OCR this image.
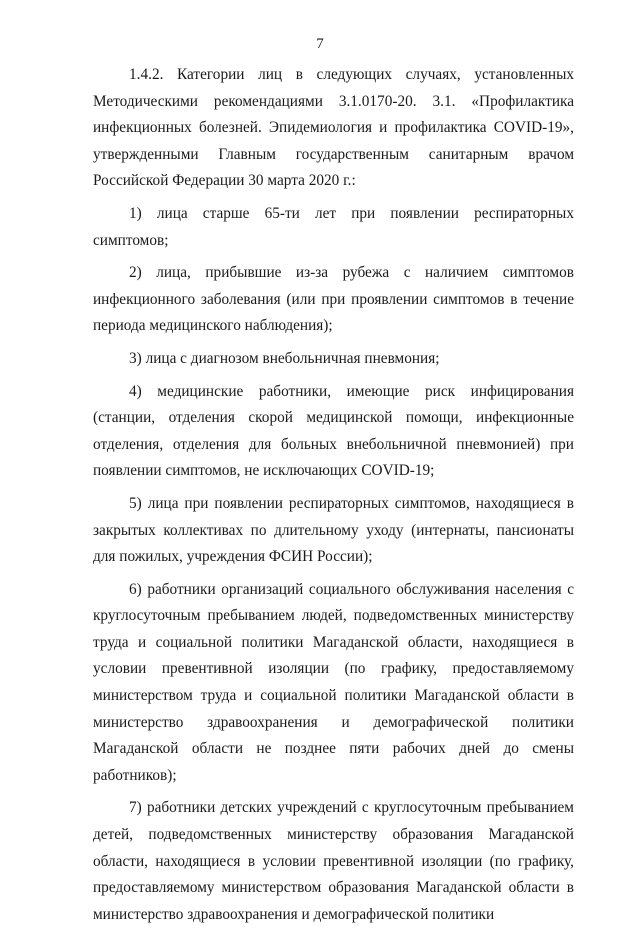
7

1.4.2. Категории лиц в следующих случаях, установленных Методическими рекомендациями 3.1.0170-20. 3.1. «Профилактика инфекционных болезней. Эпидемиология и профилактика COVID-19», утвержденными Главным государственным санитарным врачом Российской Федерации 30 марта 2020 г.:

1) лица старше 65-ти лет при появлении респираторных симптомов;

2) лица, прибывшие из-за рубежа с наличием симптомов инфекционного заболевания (или при проявлении симптомов в течение периода медицинского наблюдения);

3) лица с диагнозом внебольничная пневмония;

4) медицинские работники, имеющие риск инфицирования (станции, отделения скорой медицинской помощи, инфекционные отделения, отделения для больных внебольничной пневмонией) при появлении симптомов, не исключающих COVID-19;

5) лица при появлении респираторных симптомов, находящиеся в закрытых коллективах по длительному уходу (интернаты, пансионаты для пожилых, учреждения ФСИН России);

6) работники организаций социального обслуживания населения с круглосуточным пребыванием людей, подведомственных министерству труда и социальной политики Магаданской области, находящиеся в условии превентивной изоляции (по графику, предоставляемому министерством труда и социальной политики Магаданской области в министерство здравоохранения и демографической политики Магаданской области не позднее пяти рабочих дней до смены работников);

7) работники детских учреждений с круглосуточным пребыванием детей, подведомственных министерству образования Магаданской области, находящиеся в условии превентивной изоляции (по графику, предоставляемому министерством образования Магаданской области в министерство здравоохранения и демографической политики
